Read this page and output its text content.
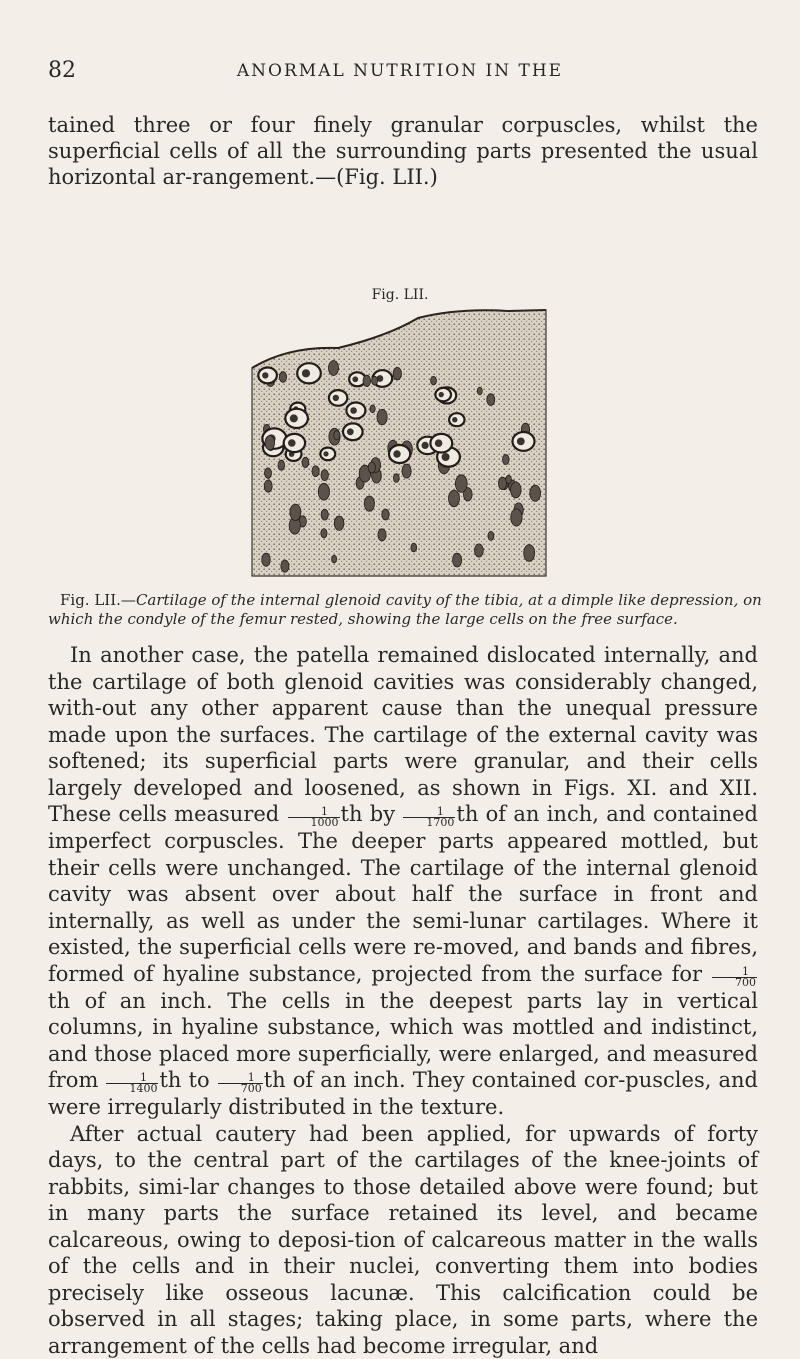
82	ANORMAL NUTRITION IN THE
tained three or four finely granular corpuscles, whilst the superficial cells of all the surrounding parts presented the usual horizontal ar-rangement.—(Fig. LII.)
Fig. LII.
Fig. LII.—Cartilage of the internal glenoid cavity of the tibia, at a dimple like depression, on which the condyle of the femur rested, showing the large cells on the free surface.

In another case, the patella remained dislocated internally, and the cartilage of both glenoid cavities was considerably changed, with-out any other apparent cause than the unequal pressure made upon the surfaces. The cartilage of the external cavity was softened; its superficial parts were granular, and their cells largely developed and loosened, as shown in Figs. XI. and XII. These cells measured $\frac{1}{1000}$ th by $\frac{1}{1700}$ th of an inch, and contained imperfect corpuscles. The deeper parts appeared mottled, but their cells were unchanged. The cartilage of the internal glenoid cavity was absent over about half the surface in front and internally, as well as under the semi-lunar cartilages. Where it existed, the superficial cells were re-moved, and bands and fibres, formed of hyaline substance, projected from the surface for $\frac{1}{700}$
th of an inch. The cells in the deepest parts lay in vertical columns, in hyaline substance, which was mottled and indistinct, and those placed more superficially, were enlarged, and measured from $\frac{1}{1400}$ th to $\frac{1}{700}$ th of an inch. They contained cor-puscles, and were irregularly distributed in the texture.

After actual cautery had been applied, for upwards of forty days, to the central part of the cartilages of the knee-joints of rabbits, simi-lar changes to those detailed above were found; but in many parts the surface retained its level, and became calcareous, owing to deposi-tion of calcareous matter in the walls of the cells and in their nuclei, converting them into bodies precisely like osseous lacunæ. This calcification could be observed in all stages; taking place, in some parts, where the arrangement of the cells had become irregular, and
